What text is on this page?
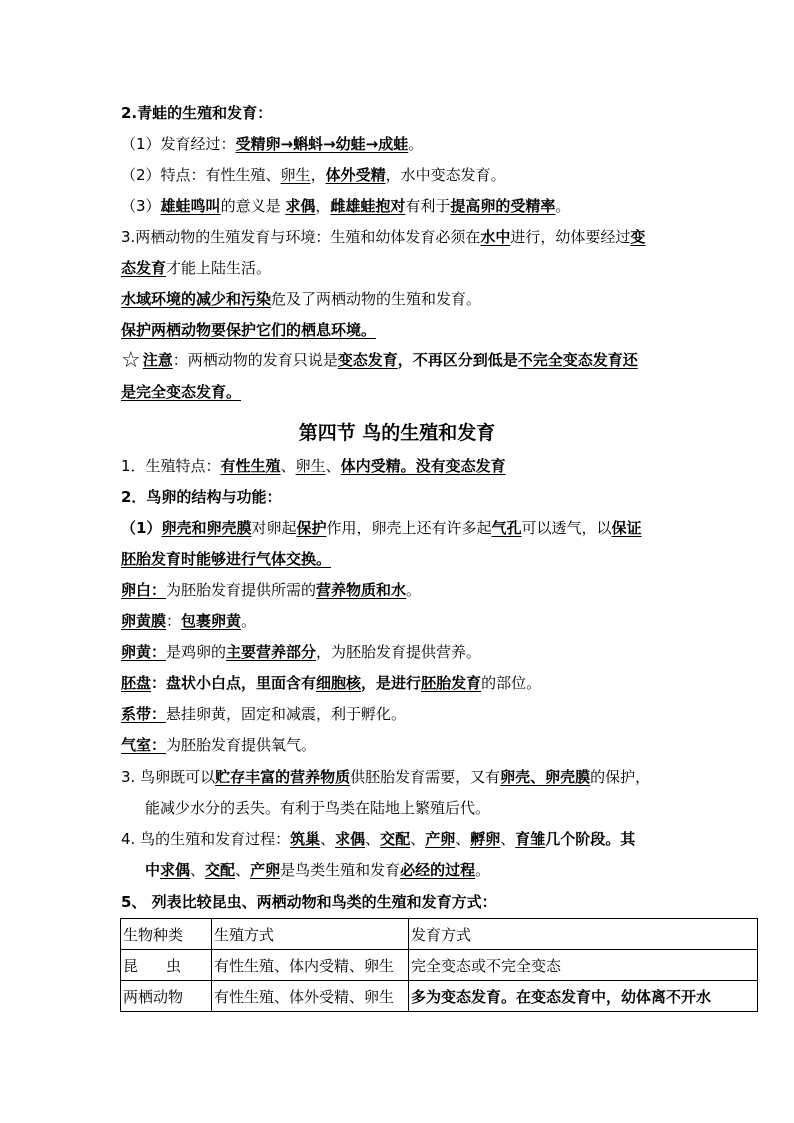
2.青蛙的生殖和发育：
（1）发育经过：受精卵→蝌蚪→幼蛙→成蛙。
（2）特点：有性生殖、卵生，体外受精，水中变态发育。
（3）雄蛙鸣叫的意义是 求偶，雌雄蛙抱对有利于提高卵的受精率。
3.两栖动物的生殖发育与环境：生殖和幼体发育必须在水中进行，幼体要经过变
态发育才能上陆生活。
水域环境的减少和污染危及了两栖动物的生殖和发育。
保护两栖动物要保护它们的栖息环境。
☆ 注意：两栖动物的发育只说是变态发育，不再区分到低是不完全变态发育还
是完全变态发育。
第四节 鸟的生殖和发育
1．生殖特点：有性生殖、卵生、体内受精。没有变态发育
2．鸟卵的结构与功能：
（1）卵壳和卵壳膜对卵起保护作用，卵壳上还有许多起气孔可以透气，以保证
胚胎发育时能够进行气体交换。
卵白：为胚胎发育提供所需的营养物质和水。
卵黄膜：包裹卵黄。
卵黄：是鸡卵的主要营养部分，为胚胎发育提供营养。
胚盘：盘状小白点，里面含有细胞核，是进行胚胎发育的部位。
系带：悬挂卵黄，固定和减震，利于孵化。
气室：为胚胎发育提供氧气。
3. 鸟卵既可以贮存丰富的营养物质供胚胎发育需要，又有卵壳、卵壳膜的保护，
能减少水分的丢失。有利于鸟类在陆地上繁殖后代。
4. 鸟的生殖和发育过程：筑巢、求偶、交配、产卵、孵卵、育雏几个阶段。其
中求偶、交配、产卵是鸟类生殖和发育必经的过程。
5、 列表比较昆虫、两栖动物和鸟类的生殖和发育方式：
生物种类	生殖方式	发育方式
昆虫	有性生殖、体内受精、卵生	完全变态或不完全变态
两栖动物	有性生殖、体外受精、卵生	多为变态发育。在变态发育中，幼体离不开水
